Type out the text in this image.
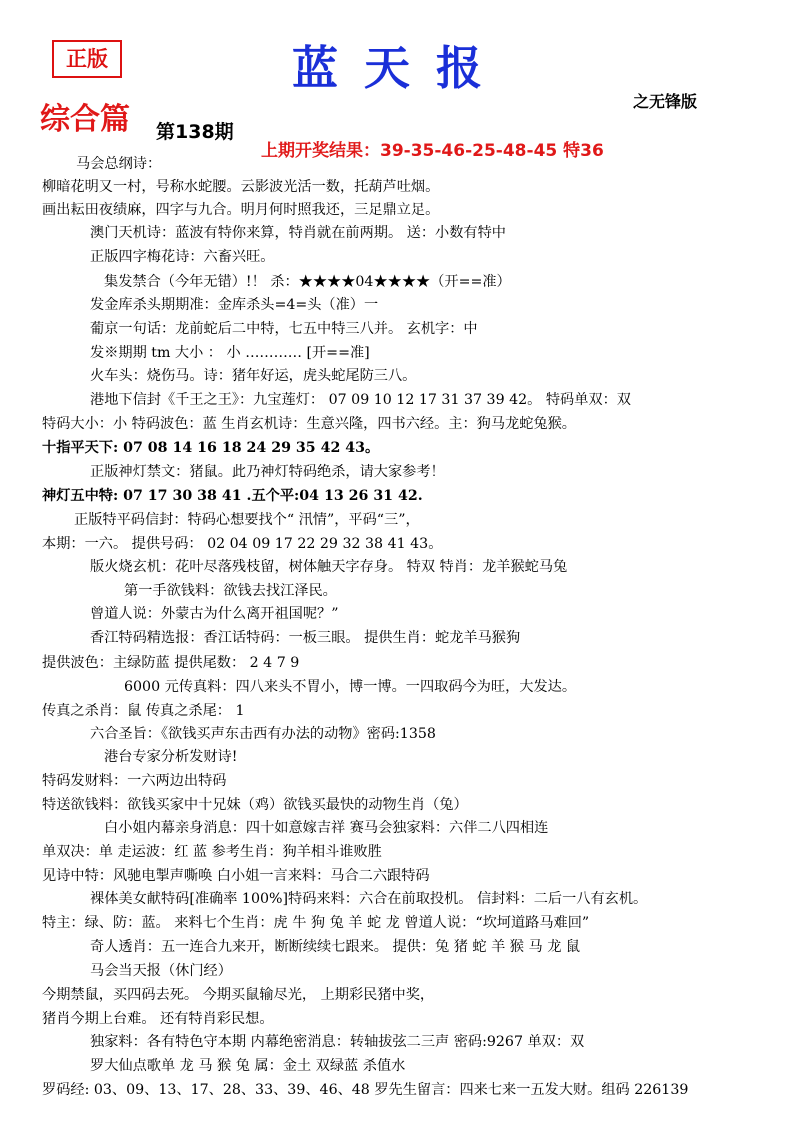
正版	蓝天报
之无锋版
综合篇 第138期
上期开奖结果：39-35-46-25-48-45 特36
马会总纲诗：
柳暗花明又一村，号称水蛇腰。云影波光活一数，托葫芦吐烟。
画出耘田夜绩麻，四字与九合。明月何时照我还，三足鼎立足。
澳门天机诗：蓝波有特你来算，特肖就在前两期。 送：小数有特中
正版四字梅花诗：六畜兴旺。
集发禁合（今年无错）!！ 杀：★★★★04★★★★（开==准）
发金库杀头期期准：金库杀头=4=头（准）一
葡京一句话：龙前蛇后二中特，七五中特三八并。 玄机字：中
发※期期 tm 大小 ： 小 ………… [开==准]
火车头：烧伤马。诗：猪年好运，虎头蛇尾防三八。
港地下信封《千王之王》：九宝莲灯： 07 09 10 12 17 31 37 39 42。 特码单双：双
特码大小：小 特码波色：蓝 生肖玄机诗：生意兴隆，四书六经。主：狗马龙蛇兔猴。
十指平天下: 07 08 14 16 18 24 29 35 42 43。
正版神灯禁文：猪鼠。此乃神灯特码绝杀，请大家参考！
神灯五中特: 07 17 30 38 41 .五个平:04 13 26 31 42.
正版特平码信封：特码心想要找个“ 汛情”，平码“三”，
本期：一六。 提供号码： 02 04 09 17 22 29 32 38 41 43。
版火烧玄机：花叶尽落残枝留，树体触天字存身。 特双 特肖：龙羊猴蛇马兔
第一手欲钱料：欲钱去找江泽民。
曾道人说：外蒙古为什么离开祖国呢？”
香江特码精选报：香江话特码：一板三眼。 提供生肖：蛇龙羊马猴狗
提供波色：主绿防蓝 提供尾数： 2 4 7 9
6000 元传真料：四八来头不胃小，博一博。一四取码今为旺，大发达。
传真之杀肖：鼠 传真之杀尾： 1
六合圣旨：《欲钱买声东击西有办法的动物》密码:1358
港台专家分析发财诗!
特码发财料：一六两边出特码
特送欲钱料：欲钱买家中十兄妹（鸡）欲钱买最快的动物生肖（兔）
白小姐内幕亲身消息：四十如意嫁吉祥 赛马会独家料：六伴二八四相连
单双决：单 走运波：红 蓝 参考生肖：狗羊相斗谁败胜
见诗中特：风驰电掣声嘶唤 白小姐一言来料：马合二六跟特码
裸体美女献特码[准确率 100%]特码来料：六合在前取投机。 信封料：二后一八有玄机。
特主：绿、防：蓝。 来料七个生肖：虎 牛 狗 兔 羊 蛇 龙 曾道人说：“坎坷道路马难回”
奇人透肖：五一连合九来开，断断续续七跟来。 提供：兔 猪 蛇 羊 猴 马 龙 鼠
马会当天报（休门经）
今期禁鼠，买四码去死。 今期买鼠输尽光， 上期彩民猪中奖，
猪肖今期上台难。 还有特肖彩民想。
独家料：各有特色守本期 内幕绝密消息：转轴拔弦二三声 密码:9267 单双：双
罗大仙点歌单 龙 马 猴 兔 属：金土 双绿蓝 杀值水
罗码经: 03、09、13、17、28、33、39、46、48 罗先生留言：四来七来一五发大财。组码 226139
